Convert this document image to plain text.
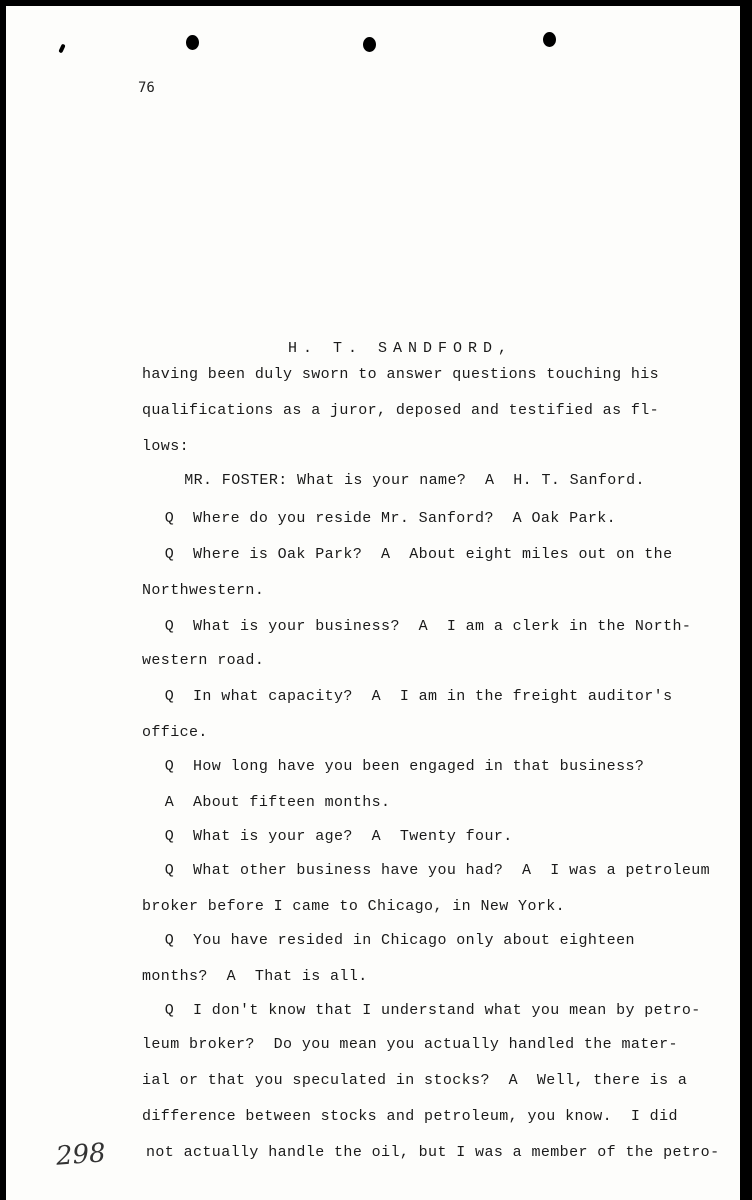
76
H. T. SANDFORD,
having been duly sworn to answer questions touching his
qualifications as a juror, deposed and testified as fl-
lows:
MR. FOSTER: What is your name?  A  H. T. Sanford.
Q  Where do you reside Mr. Sanford?  A Oak Park.
Q  Where is Oak Park?  A  About eight miles out on the
Northwestern.
Q  What is your business?  A  I am a clerk in the North-
western road.
Q  In what capacity?  A  I am in the freight auditor's
office.
Q  How long have you been engaged in that business?
A  About fifteen months.
Q  What is your age?  A  Twenty four.
Q  What other business have you had?  A  I was a petroleum
broker before I came to Chicago, in New York.
Q  You have resided in Chicago only about eighteen
months?  A  That is all.
Q  I don't know that I understand what you mean by petro-
leum broker?  Do you mean you actually handled the mater-
ial or that you speculated in stocks?  A  Well, there is a
difference between stocks and petroleum, you know.  I did
not actually handle the oil, but I was a member of the petro-
298
